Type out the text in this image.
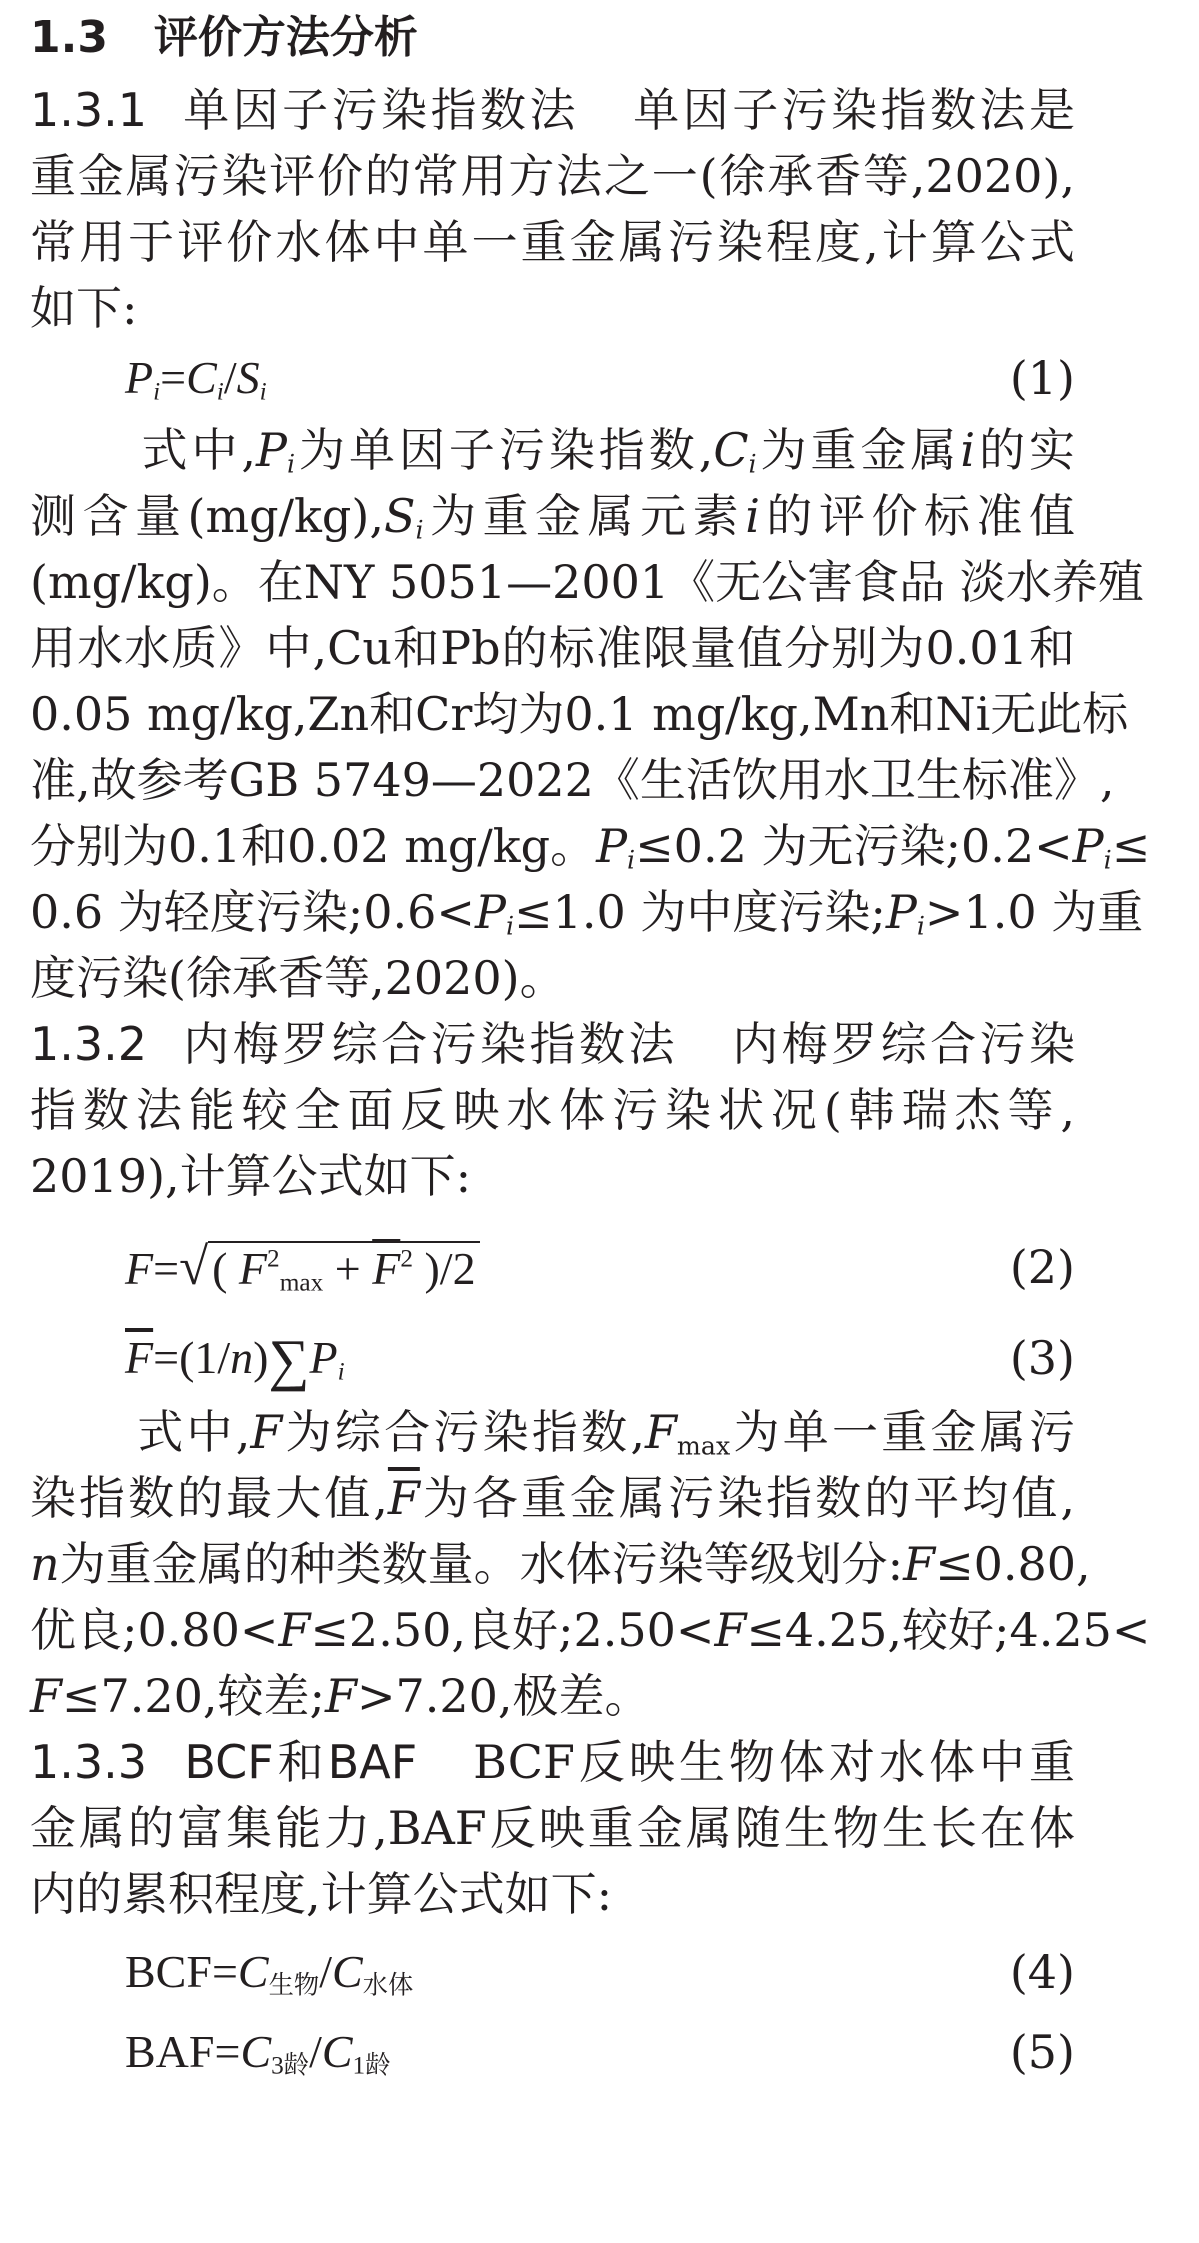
1.3 评价方法分析
1.3.1 单因子污染指数法 单因子污染指数法是
重金属污染评价的常用方法之一(徐承香等,2020),
常用于评价水体中单一重金属污染程度,计算公式
如下:
$P_i=C_i/S_i$	(1)
式中$,P_i$为单因子污染指数$,C_i$为重金属i的实
测含量$(mg/kg),S_i$为重金属元素i的评价标准值
(mg/kg)。在NY 5051—2001《无公害食品 淡水养殖
用水水质》中,Cu和Pb的标准限量值分别为0.01和
0.05 mg/kg,Zn和Cr均为0.1 mg/kg,Mn和Ni无此标
准,故参考GB 5749—2022《生活饮用水卫生标准》,
分别为0.1和0.02 mg/kg。$P_i\le 0.2$ 为无污染$;0.2<P_i\le$
0.6 为轻度污染$;0.6<P_i\le 1.0$ 为中度污染$;P_i>1.0$ 为重
度污染(徐承香等,2020)。
1.3.2 内梅罗综合污染指数法 内梅罗综合污染
指数法能较全面反映水体污染状况(韩瑞杰等,
2019),计算公式如下:
F=√( $F^2_{max} + \overline{F}^2$ )/2	(2)
$\overline{F}=(1/n)\sum P_i$	(3)
式中,F为综合污染指数$,F_{max}$为单一重金属污
染指数的最大值$,\overline{F}$为各重金属污染指数的平均值,
n为重金属的种类数量。水体污染等级划分:F≤0.80,
优良;0.80<F≤2.50,良好;2.50<F≤4.25,较好;4.25<
F≤7.20,较差;F>7.20,极差。
1.3.3 BCF和BAF BCF反映生物体对水体中重
金属的富集能力,BAF反映重金属随生物生长在体
内的累积程度,计算公式如下:
$BCF=C_{生物}/C_{水体}$	(4)
$BAF=C_{3龄}/C_{1龄}$	(5)
